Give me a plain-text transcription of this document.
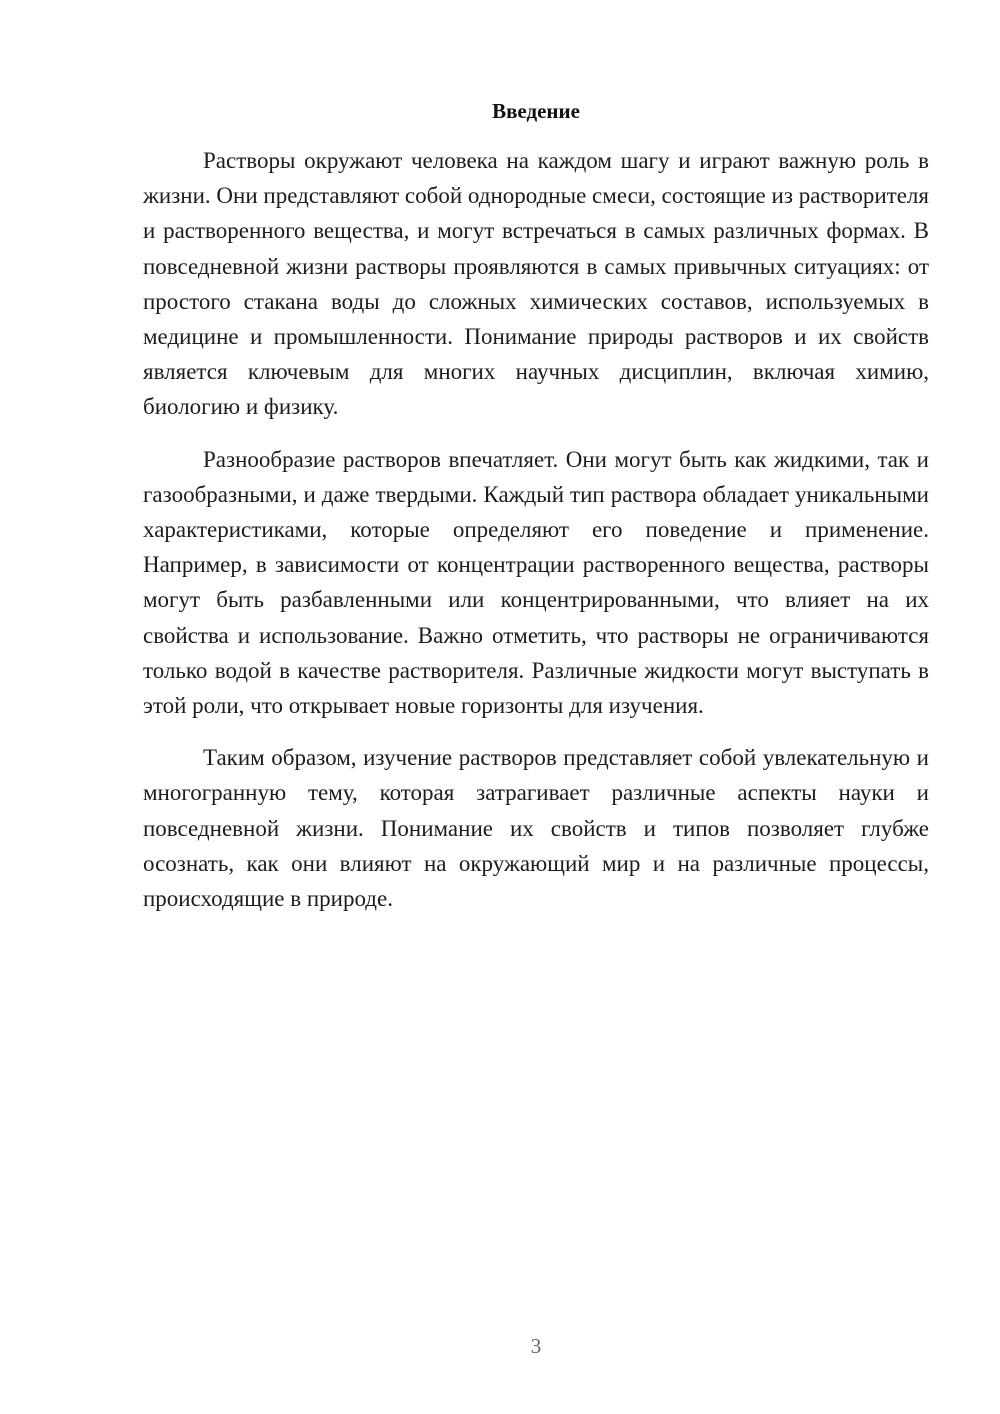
Введение

Растворы окружают человека на каждом шагу и играют важную роль в жизни. Они представляют собой однородные смеси, состоящие из растворителя и растворенного вещества, и могут встречаться в самых различных формах. В повседневной жизни растворы проявляются в самых привычных ситуациях: от простого стакана воды до сложных химических составов, используемых в медицине и промышленности. Понимание природы растворов и их свойств является ключевым для многих научных дисциплин, включая химию, биологию и физику.

Разнообразие растворов впечатляет. Они могут быть как жидкими, так и газообразными, и даже твердыми. Каждый тип раствора обладает уникальными характеристиками, которые определяют его поведение и применение. Например, в зависимости от концентрации растворенного вещества, растворы могут быть разбавленными или концентрированными, что влияет на их свойства и использование. Важно отметить, что растворы не ограничиваются только водой в качестве растворителя. Различные жидкости могут выступать в этой роли, что открывает новые горизонты для изучения.

Таким образом, изучение растворов представляет собой увлекательную и многогранную тему, которая затрагивает различные аспекты науки и повседневной жизни. Понимание их свойств и типов позволяет глубже осознать, как они влияют на окружающий мир и на различные процессы, происходящие в природе.

3
